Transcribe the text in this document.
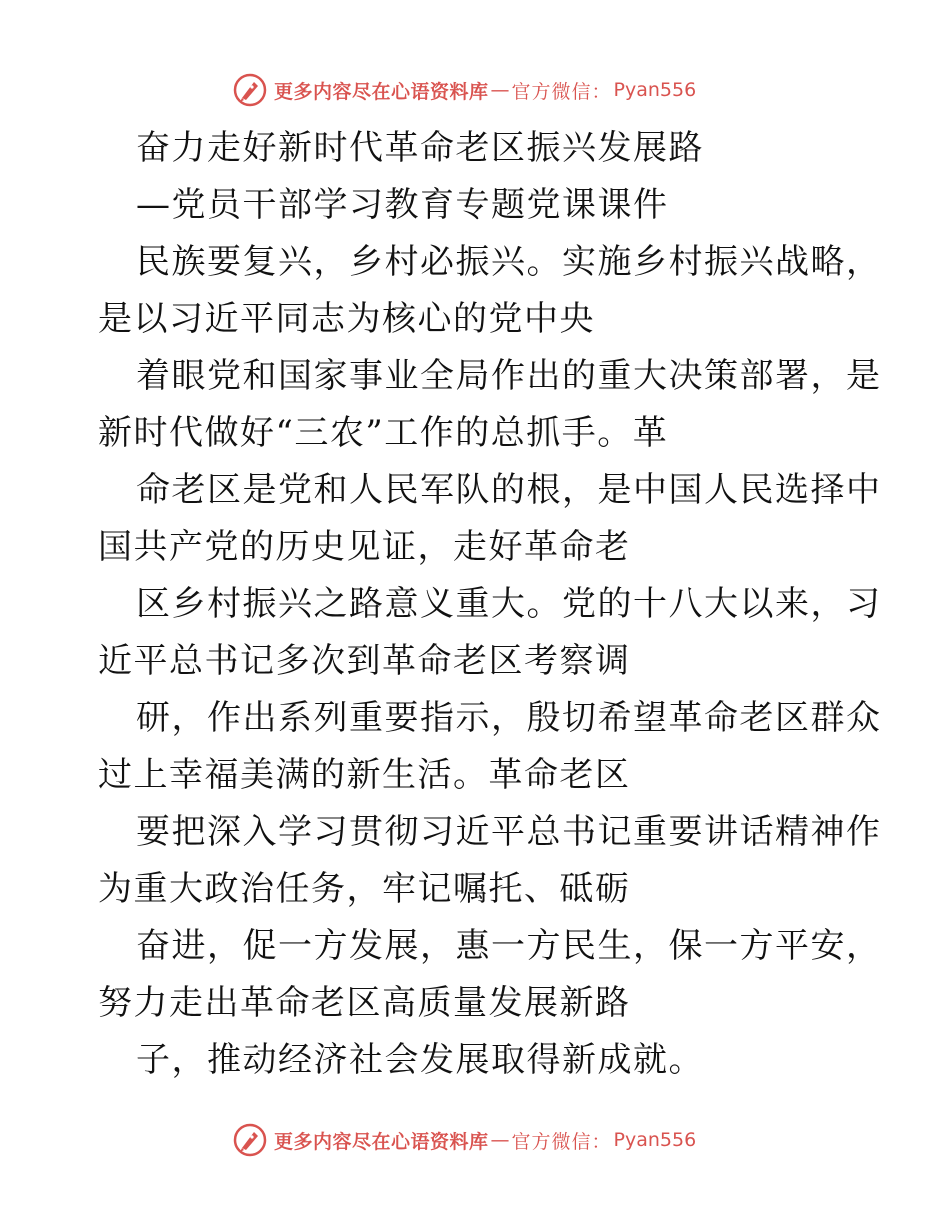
更多内容尽在心语资料库 — 官方微信： Pyan556
奋力走好新时代革命老区振兴发展路
—党员干部学习教育专题党课课件
民族要复兴，乡村必振兴。实施乡村振兴战略，
是以习近平同志为核心的党中央
着眼党和国家事业全局作出的重大决策部署，是
新时代做好“三农”工作的总抓手。革
命老区是党和人民军队的根，是中国人民选择中
国共产党的历史见证，走好革命老
区乡村振兴之路意义重大。党的十八大以来，习
近平总书记多次到革命老区考察调
研，作出系列重要指示，殷切希望革命老区群众
过上幸福美满的新生活。革命老区
要把深入学习贯彻习近平总书记重要讲话精神作
为重大政治任务，牢记嘱托、砥砺
奋进，促一方发展，惠一方民生，保一方平安，
努力走出革命老区高质量发展新路
子，推动经济社会发展取得新成就。
更多内容尽在心语资料库 — 官方微信： Pyan556
